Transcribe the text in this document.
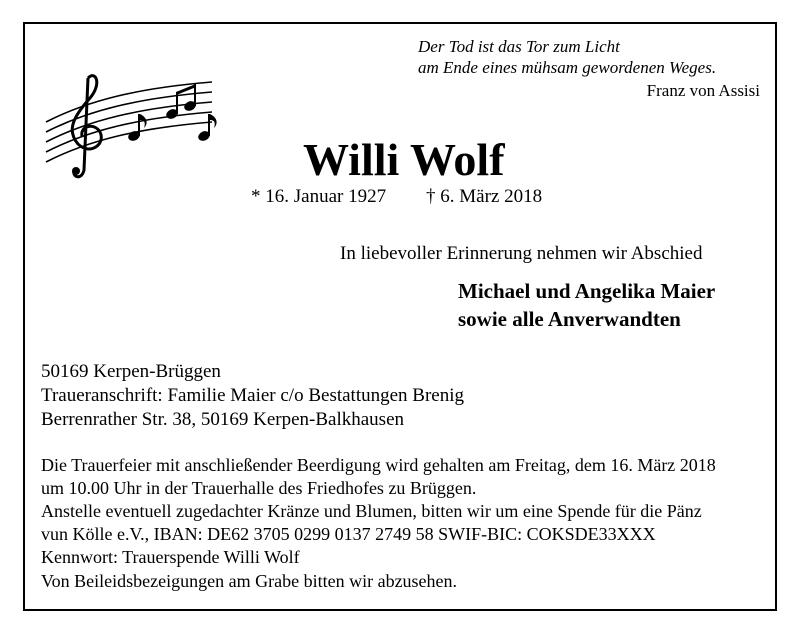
Der Tod ist das Tor zum Licht
am Ende eines mühsam gewordenen Weges.
Franz von Assisi
Willi Wolf
* 16. Januar 1927 † 6. März 2018
In liebevoller Erinnerung nehmen wir Abschied
Michael und Angelika Maier
sowie alle Anverwandten
50169 Kerpen-Brüggen
Traueranschrift: Familie Maier c/o Bestattungen Brenig
Berrenrather Str. 38, 50169 Kerpen-Balkhausen
Die Trauerfeier mit anschließender Beerdigung wird gehalten am Freitag, dem 16. März 2018
um 10.00 Uhr in der Trauerhalle des Friedhofes zu Brüggen.
Anstelle eventuell zugedachter Kränze und Blumen, bitten wir um eine Spende für die Pänz
vun Kölle e.V., IBAN: DE62 3705 0299 0137 2749 58 SWIF-BIC: COKSDE33XXX
Kennwort: Trauerspende Willi Wolf
Von Beileidsbezeigungen am Grabe bitten wir abzusehen.
